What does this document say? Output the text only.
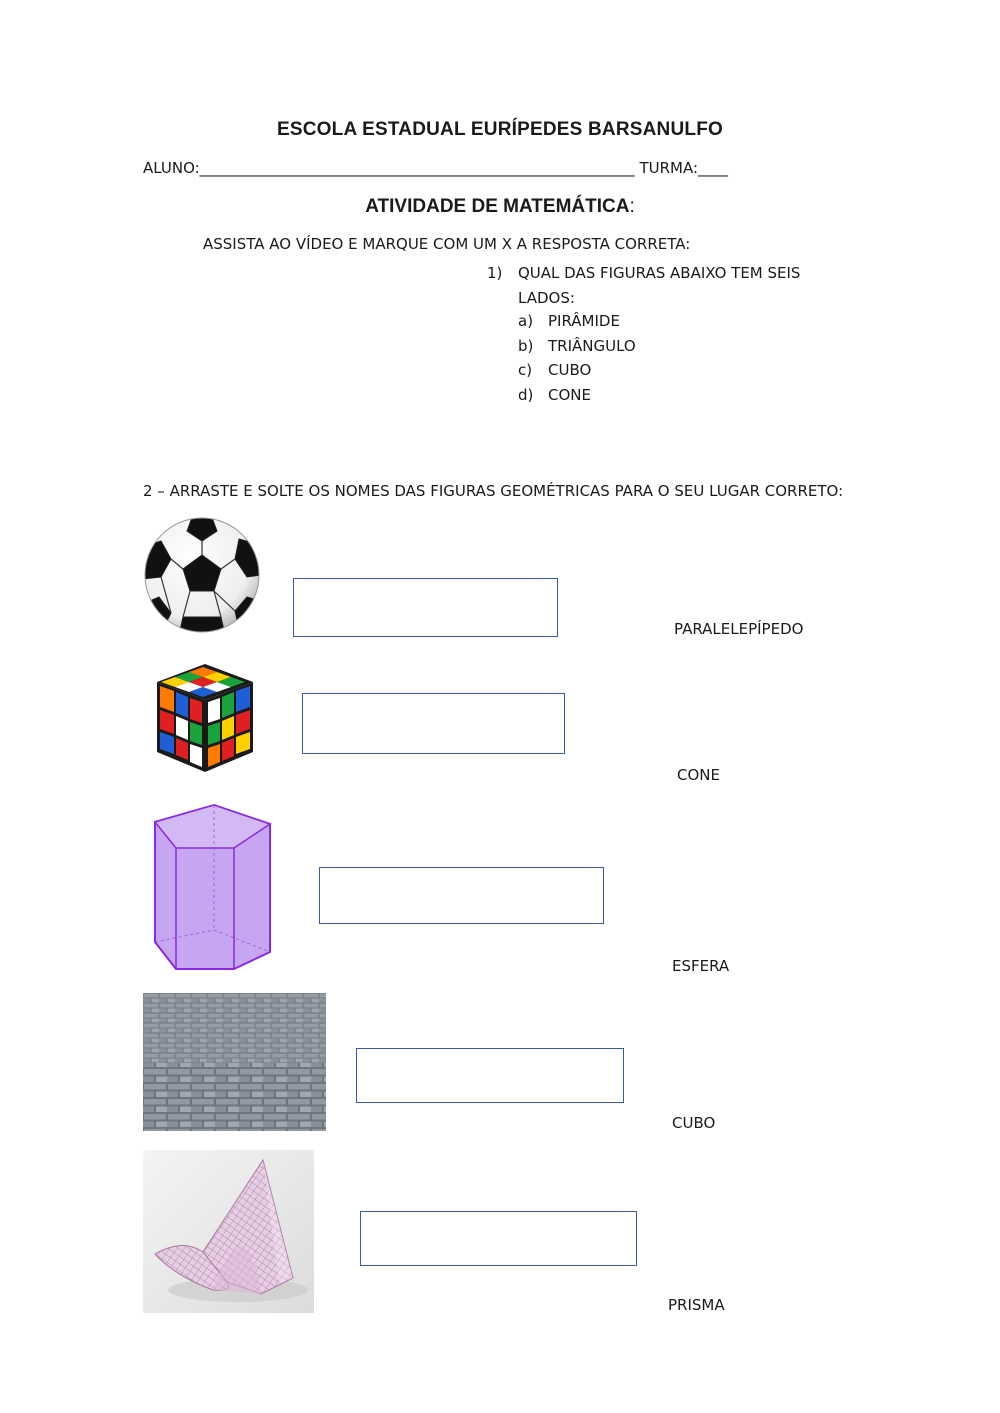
ESCOLA ESTADUAL EURÍPEDES BARSANULFO
ALUNO:__________________________________________________________ TURMA:____
ATIVIDADE DE MATEMÁTICA:
ASSISTA AO VÍDEO E MARQUE COM UM X A RESPOSTA CORRETA:
1)	QUAL DAS FIGURAS ABAIXO TEM SEIS
LADOS:
a) PIRÂMIDE
b) TRIÂNGULO
c)	CUBO
d) CONE
2 – ARRASTE E SOLTE OS NOMES DAS FIGURAS GEOMÉTRICAS PARA O SEU LUGAR CORRETO:
PARALELEPÍPEDO
CONE
ESFERA
CUBO
PRISMA
